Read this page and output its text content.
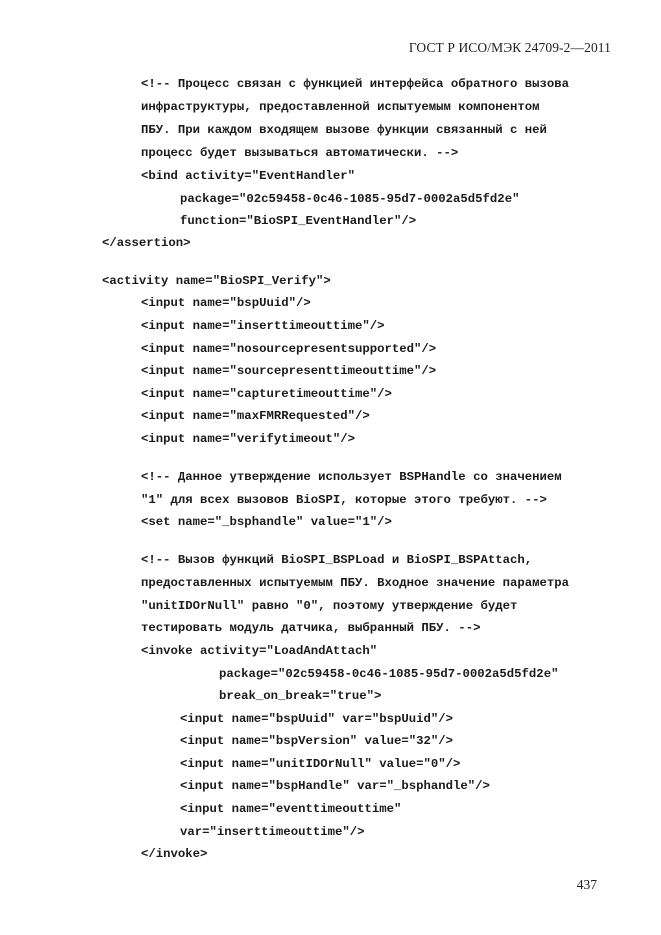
ГОСТ Р ИСО/МЭК 24709-2—2011
<!-- Процесс связан с функцией интерфейса обратного вызова
инфраструктуры, предоставленной испытуемым компонентом
ПБУ. При каждом входящем вызове функции связанный с ней
процесс будет вызываться автоматически. -->
<bind activity="EventHandler"
package="02c59458-0c46-1085-95d7-0002a5d5fd2e"
function="BioSPI_EventHandler"/>
</assertion>
<activity name="BioSPI_Verify">
<input name="bspUuid"/>
<input name="inserttimeouttime"/>
<input name="nosourcepresentsupported"/>
<input name="sourcepresenttimeouttime"/>
<input name="capturetimeouttime"/>
<input name="maxFMRRequested"/>
<input name="verifytimeout"/>
<!-- Данное утверждение использует BSPHandle со значением
"1" для всех вызовов BioSPI, которые этого требуют. -->
<set name="_bsphandle" value="1"/>
<!-- Вызов функций BioSPI_BSPLoad и BioSPI_BSPAttach,
предоставленных испытуемым ПБУ. Входное значение параметра
"unitIDOrNull" равно "0", поэтому утверждение будет
тестировать модуль датчика, выбранный ПБУ. -->
<invoke activity="LoadAndAttach"
package="02c59458-0c46-1085-95d7-0002a5d5fd2e"
break_on_break="true">
<input name="bspUuid" var="bspUuid"/>
<input name="bspVersion" value="32"/>
<input name="unitIDOrNull" value="0"/>
<input name="bspHandle" var="_bsphandle"/>
<input name="eventtimeouttime"
var="inserttimeouttime"/>
</invoke>
437
